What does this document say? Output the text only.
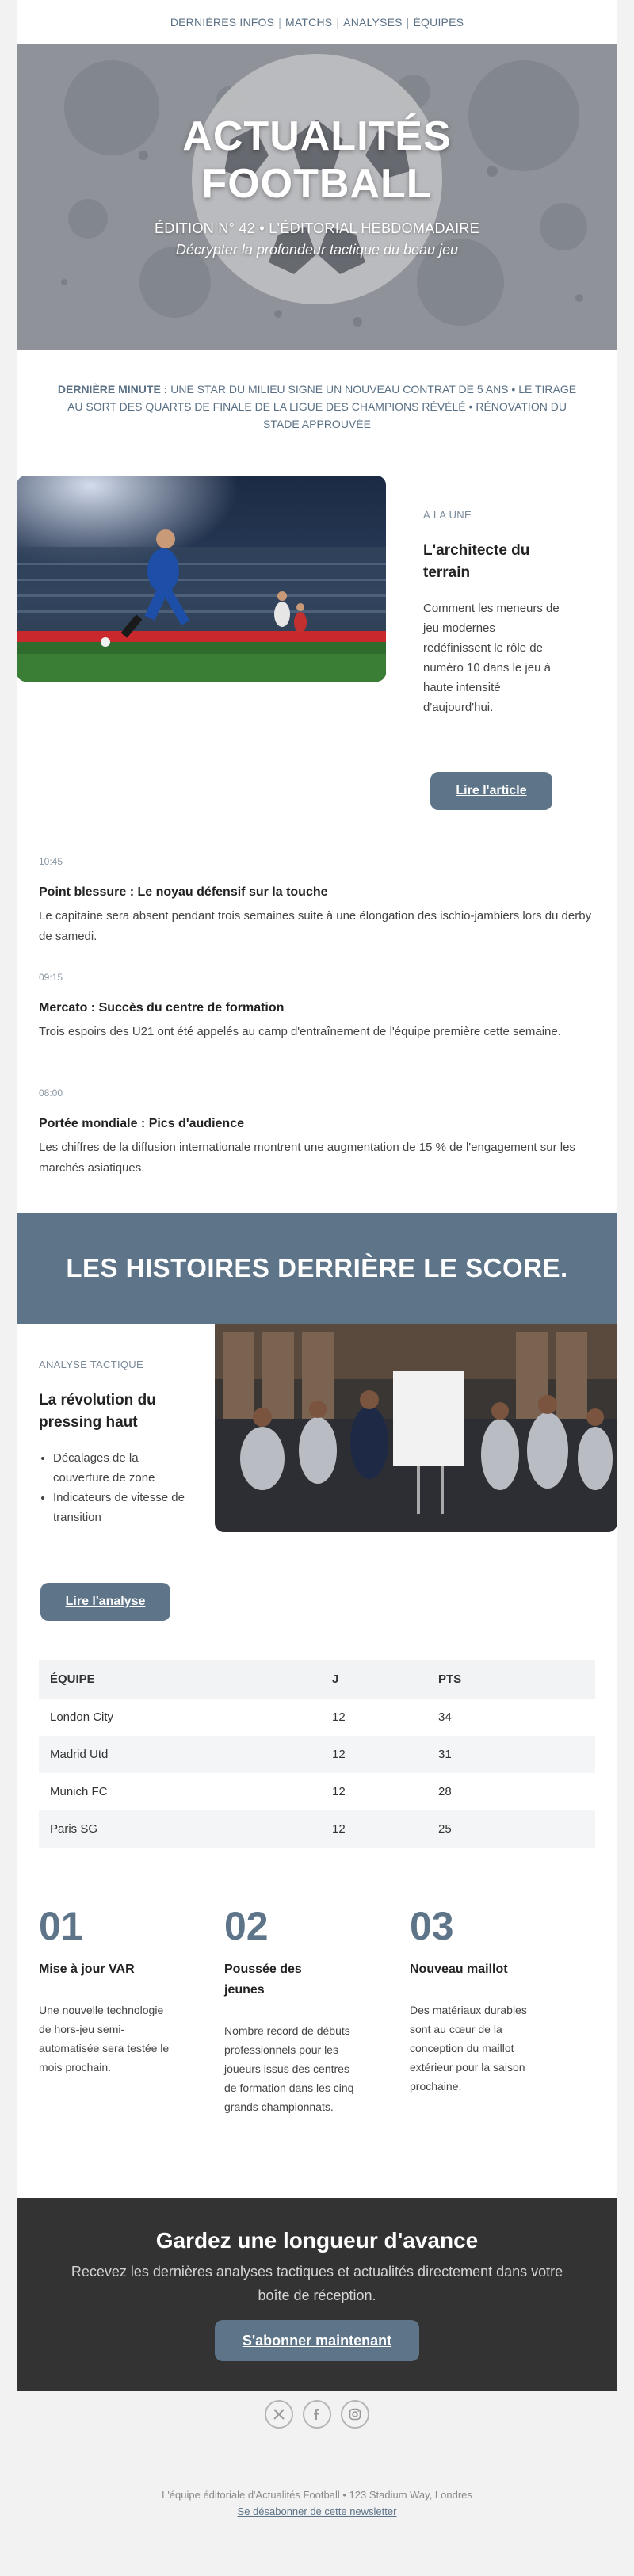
DERNIÈRES INFOS | MATCHS | ANALYSES | ÉQUIPES
ACTUALITÉS
FOOTBALL
ÉDITION N° 42 • L'ÉDITORIAL HEBDOMADAIRE
Décrypter la profondeur tactique du beau jeu
DERNIÈRE MINUTE : UNE STAR DU MILIEU SIGNE UN NOUVEAU CONTRAT DE 5 ANS • LE TIRAGE AU SORT DES QUARTS DE FINALE DE LA LIGUE DES CHAMPIONS RÉVÉLÉ • RÉNOVATION DU STADE APPROUVÉE
À LA UNE
L'architecte du terrain

Comment les meneurs de jeu modernes redéfinissent le rôle de numéro 10 dans le jeu à haute intensité d'aujourd'hui.

Lire l'article
10:45
Point blessure : Le noyau défensif sur la touche

Le capitaine sera absent pendant trois semaines suite à une élongation des ischio-jambiers lors du derby de samedi.

09:15
Mercato : Succès du centre de formation

Trois espoirs des U21 ont été appelés au camp d'entraînement de l'équipe première cette semaine.

08:00
Portée mondiale : Pics d'audience

Les chiffres de la diffusion internationale montrent une augmentation de 15 % de l'engagement sur les marchés asiatiques.

LES HISTOIRES DERRIÈRE LE SCORE.
ANALYSE TACTIQUE
La révolution du pressing haut
• Décalages de la couverture de zone
• Indicateurs de vitesse de transition
Lire l'analyse
ÉQUIPE	J	PTS
London City	12	34
Madrid Utd	12	31
Munich FC	12	28
Paris SG	12	25
01
Mise à jour VAR

Une nouvelle technologie de hors-jeu semi-automatisée sera testée le mois prochain.

02
Poussée des jeunes

Nombre record de débuts professionnels pour les joueurs issus des centres de formation dans les cinq grands championnats.

03
Nouveau maillot

Des matériaux durables sont au cœur de la conception du maillot extérieur pour la saison prochaine.

Gardez une longueur d'avance

Recevez les dernières analyses tactiques et actualités directement dans votre boîte de réception.

S'abonner maintenant
L'équipe éditoriale d'Actualités Football • 123 Stadium Way, Londres
Se désabonner de cette newsletter
